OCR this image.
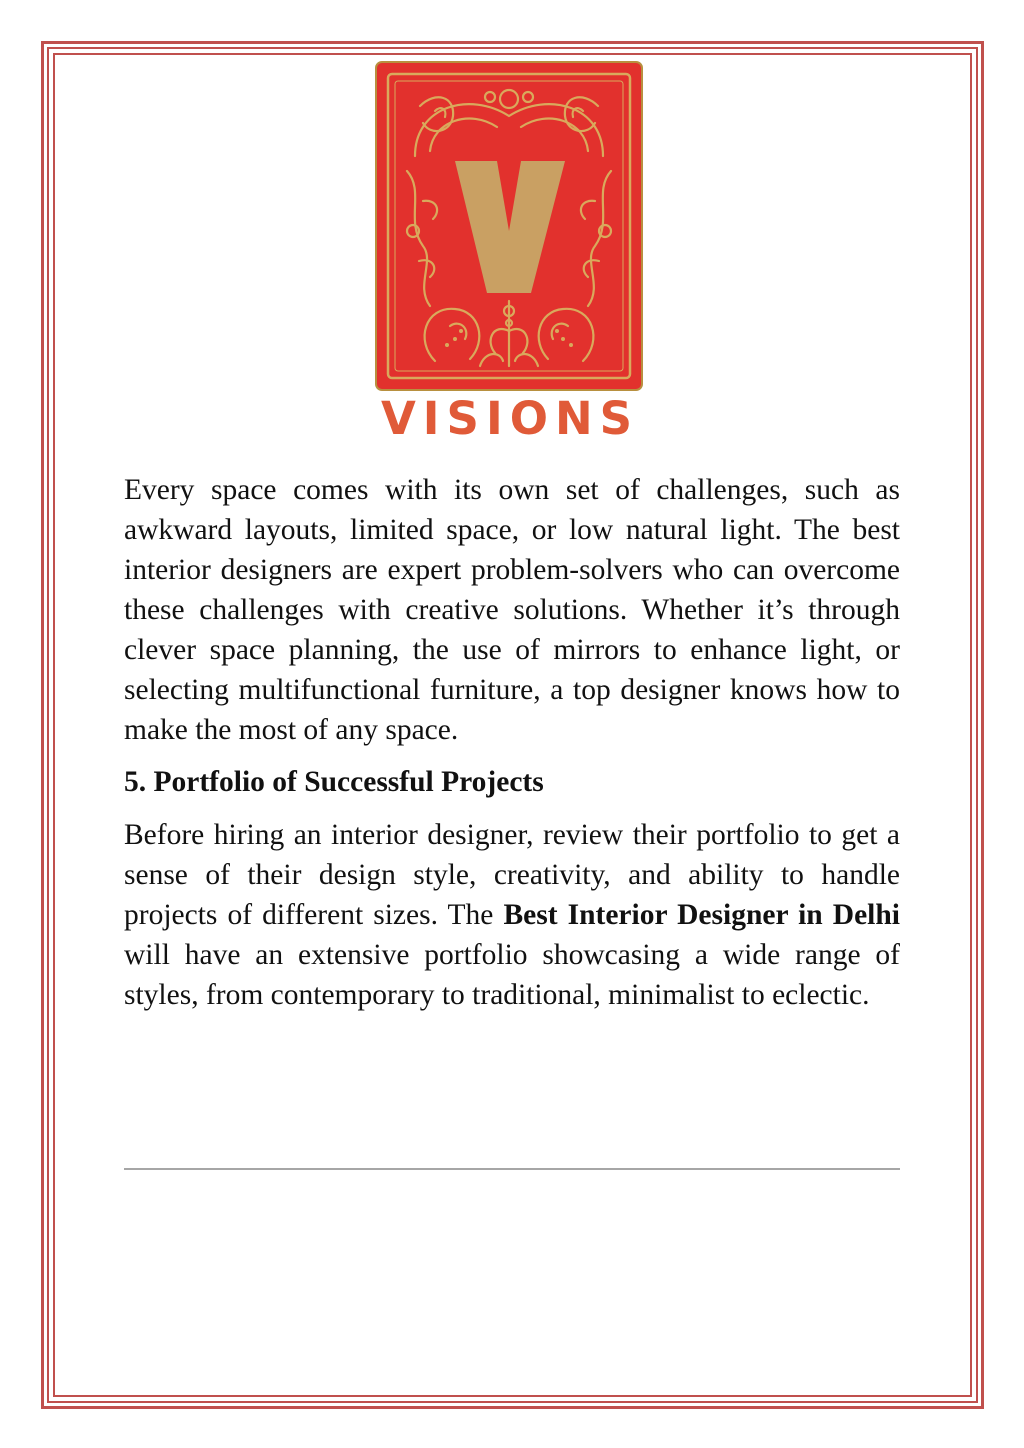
VISIONS

Every space comes with its own set of challenges, such as awkward layouts, limited space, or low natural light. The best interior designers are expert problem-solvers who can overcome these challenges with creative solutions. Whether it’s through clever space planning, the use of mirrors to enhance light, or selecting multifunctional furniture, a top designer knows how to make the most of any space.

5. Portfolio of Successful Projects

Before hiring an interior designer, review their portfolio to get a sense of their design style, creativity, and ability to handle projects of different sizes. The Best Interior Designer in Delhi will have an extensive portfolio showcasing a wide range of styles, from contemporary to traditional, minimalist to eclectic.
